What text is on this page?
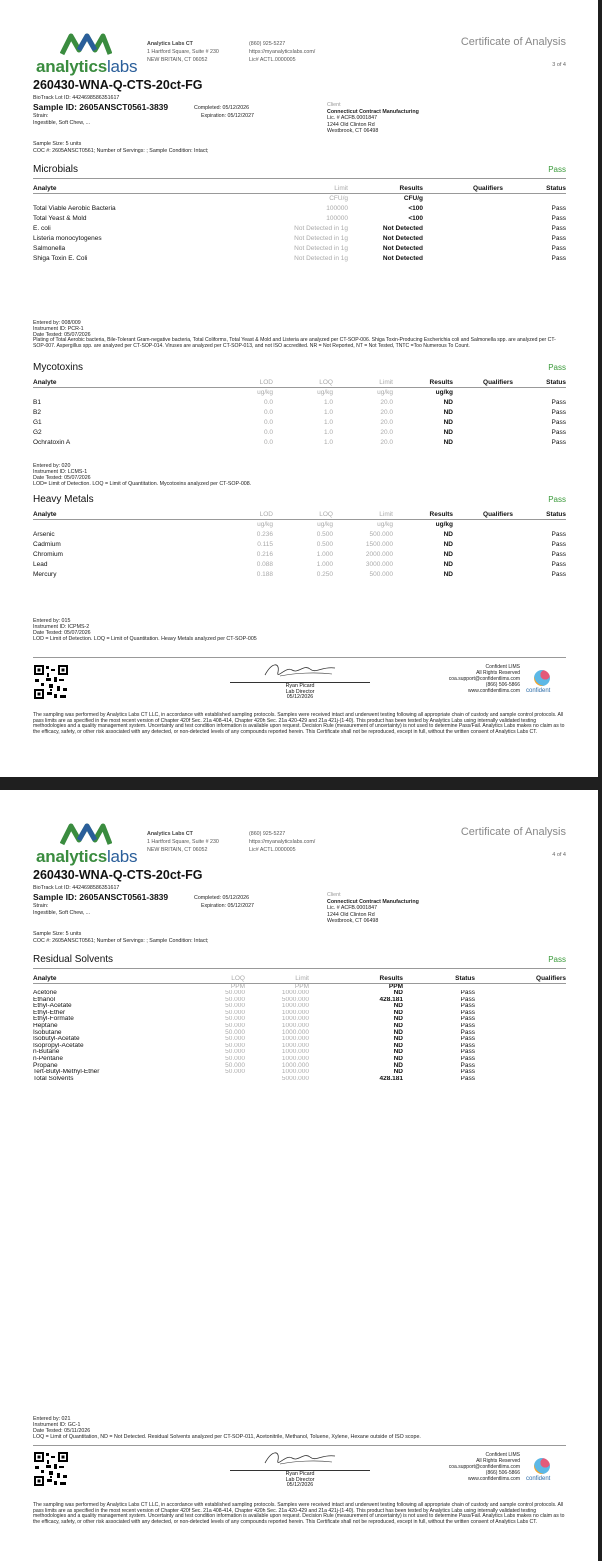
analyticslabs
Analytics Labs CT
1 Hartford Square, Suite # 230
NEW BRITAIN, CT 06052
(860) 925-5227
https://myanalyticslabs.com/
Lic# ACTL.0000005
Certificate of Analysis
3 of 4
260430-WNA-Q-CTS-20ct-FG
BioTrack Lot ID: 4424698586351617
Sample ID: 2605ANSCT0561-3839
Strain:
Ingestible, Soft Chew, ...
Completed: 05/12/2026
Expiration: 05/12/2027
Client
Connecticut Contract Manufacturing
Lic. # ACFB.0001847
1244 Old Clinton Rd
Westbrook, CT 06498
Sample Size: 5 units
COC #: 2605ANSCT0561; Number of Servings: ; Sample Condition: Intact;
Microbials	Pass
Analyte	Limit	Results	Qualifiers	Status
	CFU/g	CFU/g		
Total Viable Aerobic Bacteria	100000	<100		Pass
Total Yeast & Mold	100000	<100		Pass
E. coli	Not Detected in 1g	Not Detected		Pass
Listeria monocytogenes	Not Detected in 1g	Not Detected		Pass
Salmonella	Not Detected in 1g	Not Detected		Pass
Shiga Toxin E. Coli	Not Detected in 1g	Not Detected		Pass
Entered by: 008/009
Instrument ID: PCR-1
Date Tested: 05/07/2026
Plating of Total Aerobic bacteria, Bile-Tolerant Gram-negative bacteria, Total Coliforms, Total Yeast & Mold and Listeria are analyzed per CT-SOP-006. Shiga Toxin-Producing Escherichia coli and Salmonella spp. are analyzed per CT-SOP-007. Aspergillus spp. are analyzed per CT-SOP-014. Viruses are analyzed per CT-SOP-013, and not ISO accredited. NR = Not Reported, NT = Not Tested, TNTC =Too Numerous To Count.
Mycotoxins	Pass
Analyte	LOD	LOQ	Limit	Results	Qualifiers	Status
	ug/kg	ug/kg	ug/kg	ug/kg		
B1	0.0	1.0	20.0	ND		Pass
B2	0.0	1.0	20.0	ND		Pass
G1	0.0	1.0	20.0	ND		Pass
G2	0.0	1.0	20.0	ND		Pass
Ochratoxin A	0.0	1.0	20.0	ND		Pass
Entered by: 020
Instrument ID: LCMS-1
Date Tested: 05/07/2026
LOD= Limit of Detection. LOQ = Limit of Quantitation. Mycotoxins analyzed per CT-SOP-008.
Heavy Metals	Pass
Analyte	LOD	LOQ	Limit	Results	Qualifiers	Status
	ug/kg	ug/kg	ug/kg	ug/kg		
Arsenic	0.236	0.500	500.000	ND		Pass
Cadmium	0.115	0.500	1500.000	ND		Pass
Chromium	0.216	1.000	2000.000	ND		Pass
Lead	0.088	1.000	3000.000	ND		Pass
Mercury	0.188	0.250	500.000	ND		Pass
Entered by: 015
Instrument ID: ICPMS-2
Date Tested: 05/07/2026
LOD = Limit of Detection. LOQ = Limit of Quantitation. Heavy Metals analyzed per CT-SOP-005
Ryan Picard
Lab Director
05/12/2026
Confident LIMS
All Rights Reserved
coa.support@confidentlims.com
(866) 506-5866
www.confidentlims.com confident
The sampling was performed by Analytics Labs CT LLC, in accordance with established sampling protocols. Samples were received intact and underwent testing following all appropriate chain of custody and sample control protocols. All pass limits are as specified in the most recent version of Chapter 420f Sec. 21a 408-414, Chapter 420h Sec. 21a 420-429 and 21a 421j-(1-40). This product has been tested by Analytics Labs using internally validated testing methodologies and a quality management system. Uncertainty and test condition information is available upon request. Decision Rule (measurement of uncertainty) is not used to determine Pass/Fail. Analytics Labs makes no claim as to the efficacy, safety, or other risk associated with any detected, or non-detected levels of any compounds reported herein. This Certificate shall not be reproduced, except in full, without the written consent of Analytics Labs CT.
analyticslabs
Analytics Labs CT
1 Hartford Square, Suite # 230
NEW BRITAIN, CT 06052
(860) 925-5227
https://myanalyticslabs.com/
Lic# ACTL.0000005
Certificate of Analysis
4 of 4
260430-WNA-Q-CTS-20ct-FG
BioTrack Lot ID: 4424698586351617
Sample ID: 2605ANSCT0561-3839
Strain:
Ingestible, Soft Chew, ...
Completed: 05/12/2026
Expiration: 05/12/2027
Client
Connecticut Contract Manufacturing
Lic. # ACFB.0001847
1244 Old Clinton Rd
Westbrook, CT 06498
Sample Size: 5 units
COC #: 2605ANSCT0561; Number of Servings: ; Sample Condition: Intact;
Residual Solvents	Pass
Analyte	LOQ	Limit	Results	Status	Qualifiers
	PPM	PPM	PPM		
Acetone	50.000	1000.000	ND	Pass	
Ethanol	50.000	5000.000	428.181	Pass	
Ethyl-Acetate	50.000	1000.000	ND	Pass	
Ethyl-Ether	50.000	1000.000	ND	Pass	
Ethyl-Formate	50.000	1000.000	ND	Pass	
Heptane	50.000	1000.000	ND	Pass	
Isobutane	50.000	1000.000	ND	Pass	
Isobutyl-Acetate	50.000	1000.000	ND	Pass	
Isopropyl-Acetate	50.000	1000.000	ND	Pass	
n-Butane	50.000	1000.000	ND	Pass	
n-Pentane	50.000	1000.000	ND	Pass	
Propane	50.000	1000.000	ND	Pass	
Tert-Butyl-Methyl-Ether	50.000	1000.000	ND	Pass	
Total Solvents		5000.000	428.181	Pass	
Entered by: 021
Instrument ID: GC-1
Date Tested: 05/11/2026
LOQ = Limit of Quantitation, ND = Not Detected. Residual Solvents analyzed per CT-SOP-011, Acetonitrile, Methanol, Toluene, Xylene, Hexane outside of ISO scope.
Ryan Picard
Lab Director
05/12/2026
Confident LIMS
All Rights Reserved
coa.support@confidentlims.com
(866) 506-5866
www.confidentlims.com confident
The sampling was performed by Analytics Labs CT LLC, in accordance with established sampling protocols. Samples were received intact and underwent testing following all appropriate chain of custody and sample control protocols. All pass limits are as specified in the most recent version of Chapter 420f Sec. 21a 408-414, Chapter 420h Sec. 21a 420-429 and 21a 421j-(1-40). This product has been tested by Analytics Labs using internally validated testing methodologies and a quality management system. Uncertainty and test condition information is available upon request. Decision Rule (measurement of uncertainty) is not used to determine Pass/Fail. Analytics Labs makes no claim as to the efficacy, safety, or other risk associated with any detected, or non-detected levels of any compounds reported herein. This Certificate shall not be reproduced, except in full, without the written consent of Analytics Labs CT.
